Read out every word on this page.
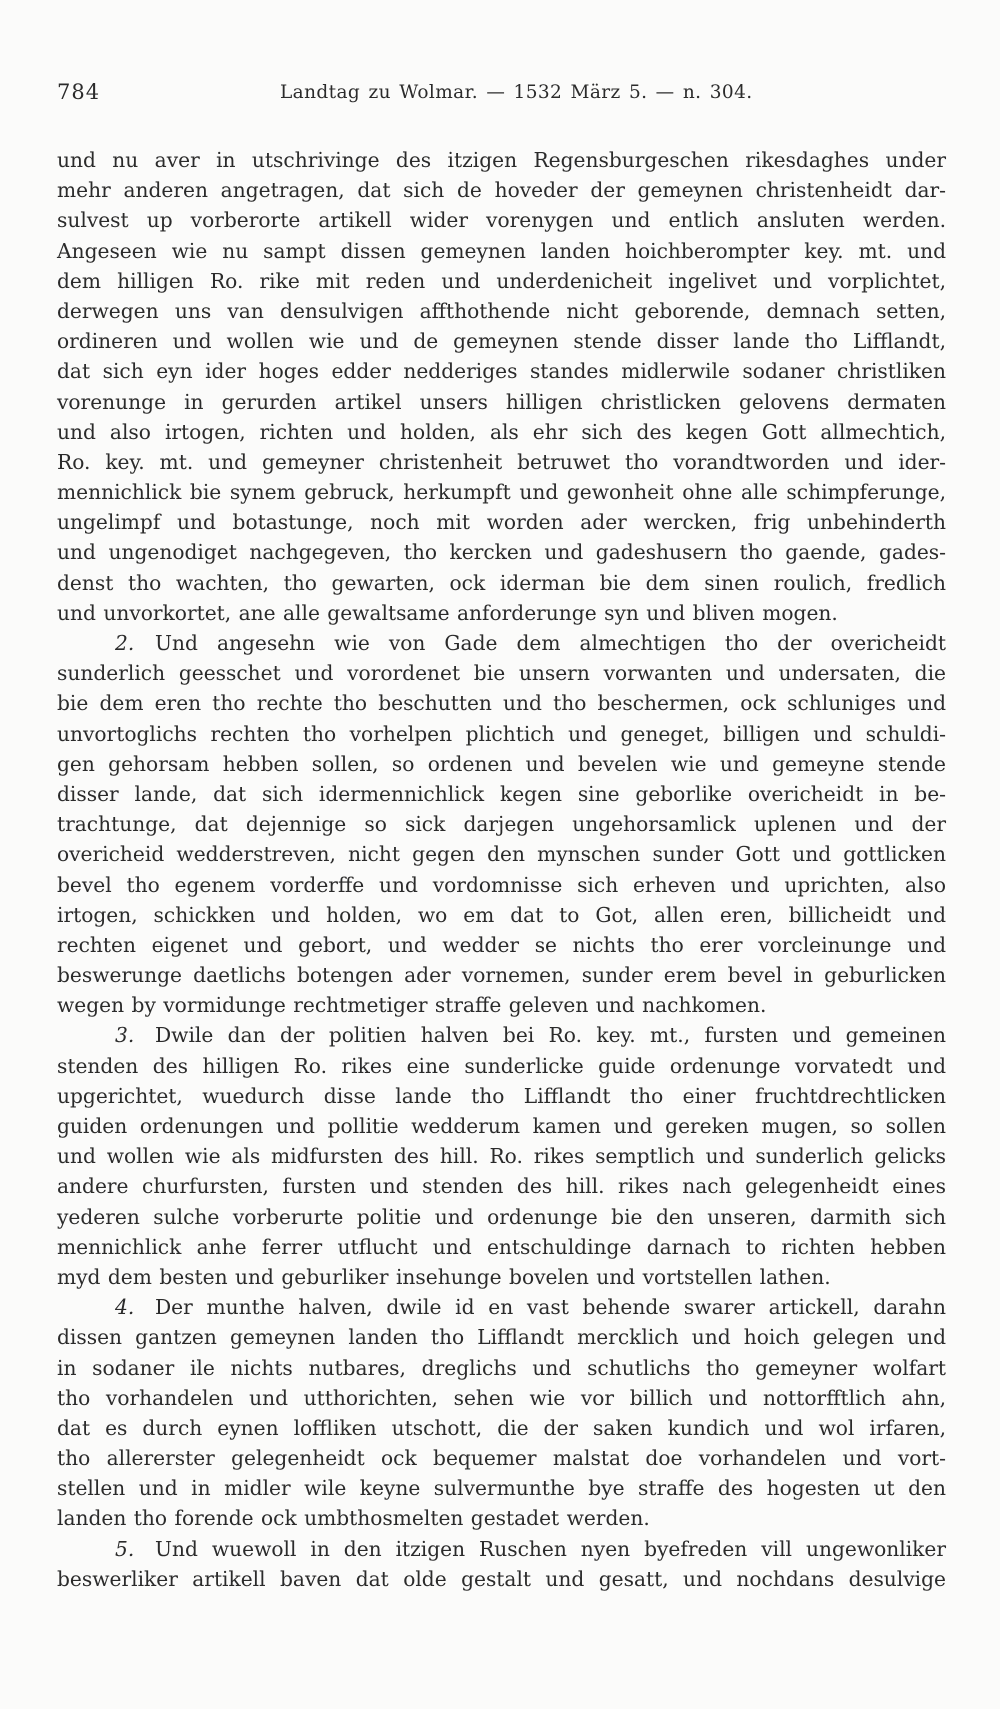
784	Landtag zu Wolmar. — 1532 März 5. — n. 304.
und nu aver in utschrivinge des itzigen Regensburgeschen rikesdaghes under
mehr anderen angetragen, dat sich de hoveder der gemeynen christenheidt dar-
sulvest up vorberorte artikell wider vorenygen und entlich ansluten werden.
Angeseen wie nu sampt dissen gemeynen landen hoichberompter key. mt. und
dem hilligen Ro. rike mit reden und underdenicheit ingelivet und vorplichtet,
derwegen uns van densulvigen affthothende nicht geborende, demnach setten,
ordineren und wollen wie und de gemeynen stende disser lande tho Lifflandt,
dat sich eyn ider hoges edder nedderiges standes midlerwile sodaner christliken
vorenunge in gerurden artikel unsers hilligen christlicken gelovens dermaten
und also irtogen, richten und holden, als ehr sich des kegen Gott allmechtich,
Ro. key. mt. und gemeyner christenheit betruwet tho vorandtworden und ider-
mennichlick bie synem gebruck, herkumpft und gewonheit ohne alle schimpferunge,
ungelimpf und botastunge, noch mit worden ader wercken, frig unbehinderth
und ungenodiget nachgegeven, tho kercken und gadeshusern tho gaende, gades-
denst tho wachten, tho gewarten, ock iderman bie dem sinen roulich, fredlich
und unvorkortet, ane alle gewaltsame anforderunge syn und bliven mogen.
2. Und angesehn wie von Gade dem almechtigen tho der overicheidt
sunderlich geesschet und vorordenet bie unsern vorwanten und undersaten, die
bie dem eren tho rechte tho beschutten und tho beschermen, ock schluniges und
unvortoglichs rechten tho vorhelpen plichtich und geneget, billigen und schuldi-
gen gehorsam hebben sollen, so ordenen und bevelen wie und gemeyne stende
disser lande, dat sich idermennichlick kegen sine geborlike overicheidt in be-
trachtunge, dat dejennige so sick darjegen ungehorsamlick uplenen und der
overicheid wedderstreven, nicht gegen den mynschen sunder Gott und gottlicken
bevel tho egenem vorderffe und vordomnisse sich erheven und uprichten, also
irtogen, schickken und holden, wo em dat to Got, allen eren, billicheidt und
rechten eigenet und gebort, und wedder se nichts tho erer vorcleinunge und
beswerunge daetlichs botengen ader vornemen, sunder erem bevel in geburlicken
wegen by vormidunge rechtmetiger straffe geleven und nachkomen.
3. Dwile dan der politien halven bei Ro. key. mt., fursten und gemeinen
stenden des hilligen Ro. rikes eine sunderlicke guide ordenunge vorvatedt und
upgerichtet, wuedurch disse lande tho Lifflandt tho einer fruchtdrechtlicken
guiden ordenungen und pollitie wedderum kamen und gereken mugen, so sollen
und wollen wie als midfursten des hill. Ro. rikes semptlich und sunderlich gelicks
andere churfursten, fursten und stenden des hill. rikes nach gelegenheidt eines
yederen sulche vorberurte politie und ordenunge bie den unseren, darmith sich
mennichlick anhe ferrer utflucht und entschuldinge darnach to richten hebben
myd dem besten und geburliker insehunge bovelen und vortstellen lathen.
4. Der munthe halven, dwile id en vast behende swarer artickell, darahn
dissen gantzen gemeynen landen tho Lifflandt mercklich und hoich gelegen und
in sodaner ile nichts nutbares, dreglichs und schutlichs tho gemeyner wolfart
tho vorhandelen und utthorichten, sehen wie vor billich und nottorfftlich ahn,
dat es durch eynen lofflikеn utschott, die der saken kundich und wol irfaren,
tho allererster gelegenheidt ock bequemer malstat doe vorhandelen und vort-
stellen und in midler wile keyne sulvermunthe bye straffe des hogesten ut den
landen tho forende ock umbthosmelten gestadet werden.
5. Und wuewoll in den itzigen Ruschen nyen byefreden vill ungewonliker
beswerliker artikell baven dat olde gestalt und gesatt, und nochdans desulvige
